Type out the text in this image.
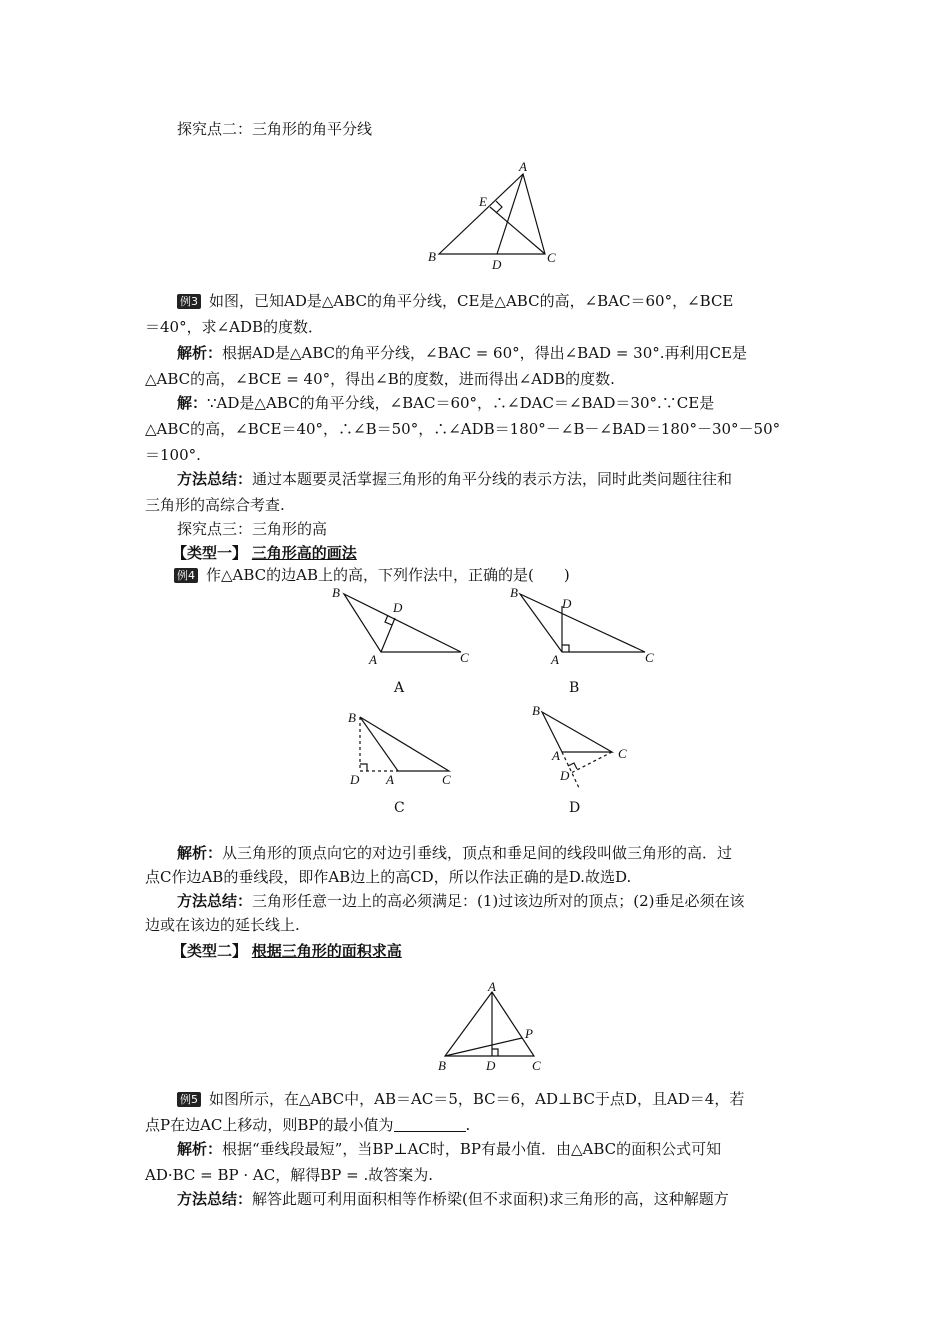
探究点二：三角形的角平分线
A
E
B
D	C
例3 如图，已知AD是△ABC的角平分线，CE是△ABC的高，∠BAC＝60°，∠BCE
＝40°，求∠ADB的度数．
解析：根据AD是△ABC的角平分线，∠BAC = 60°，得出∠BAD = 30°.再利用CE是
△ABC的高，∠BCE = 40°，得出∠B的度数，进而得出∠ADB的度数.
解：∵AD是△ABC的角平分线，∠BAC＝60°，∴∠DAC＝∠BAD＝30°.∵CE是
△ABC的高，∠BCE＝40°，∴∠B＝50°，∴∠ADB＝180°－∠B－∠BAD＝180°－30°－50°
＝100°.
方法总结：通过本题要灵活掌握三角形的角平分线的表示方法，同时此类问题往往和
三角形的高综合考查.
探究点三：三角形的高
【类型一】 三角形高的画法
例4 作△ABC的边AB上的高，下列作法中，正确的是(　　)
B
D
A	C
A
B
D
A	C
B
B
D A	C
C
B
A	C
D
D
解析：从三角形的顶点向它的对边引垂线，顶点和垂足间的线段叫做三角形的高．过
点C作边AB的垂线段，即作AB边上的高CD，所以作法正确的是D.故选D.
方法总结：三角形任意一边上的高必须满足：(1)过该边所对的顶点；(2)垂足必须在该
边或在该边的延长线上.
【类型二】 根据三角形的面积求高
A
P
B	D	C
例5 如图所示，在△ABC中，AB＝AC＝5，BC＝6，AD⊥BC于点D，且AD＝4，若
点P在边AC上移动，则BP的最小值为	.
解析：根据“垂线段最短”，当BP⊥AC时，BP有最小值．由△ABC的面积公式可知
AD·BC = BP · AC，解得BP = .故答案为.
方法总结：解答此题可利用面积相等作桥梁(但不求面积)求三角形的高，这种解题方
